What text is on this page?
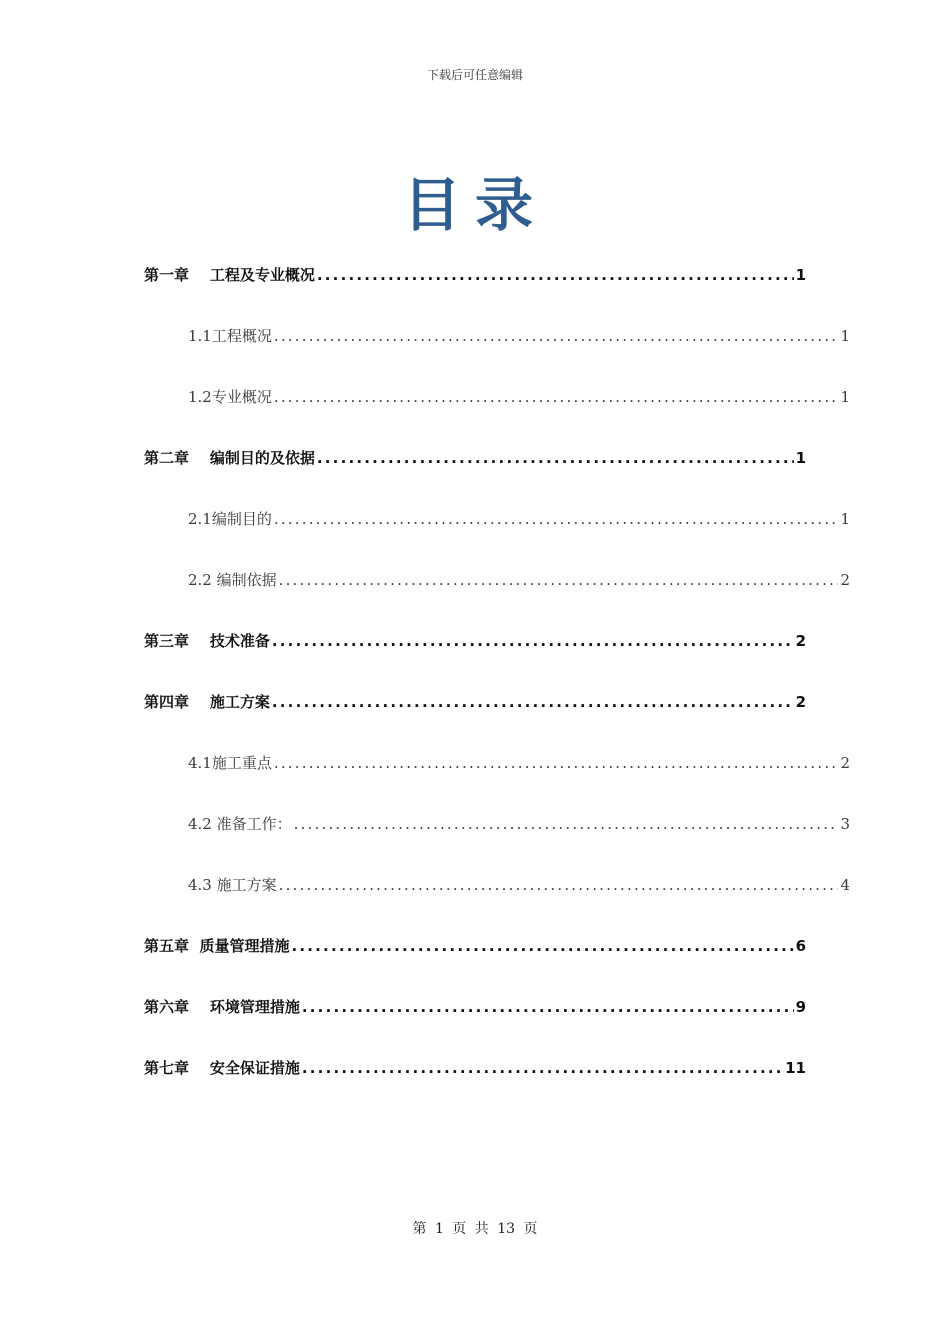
下载后可任意编辑
目录
第一章    工程及专业概况 .....	1
1.1工程概况 .....	1
1.2专业概况 .....	1
第二章    编制目的及依据 .....	1
2.1编制目的 .....	1
2.2 编制依据 .....	2
第三章    技术准备 .....	2
第四章    施工方案 .....	2
4.1施工重点 .....	2
4.2 准备工作： .....	3
4.3 施工方案 .....	4
第五章  质量管理措施 .....	6
第六章    环境管理措施 .....	9
第七章    安全保证措施 .....	11
第 1 页 共 13 页
